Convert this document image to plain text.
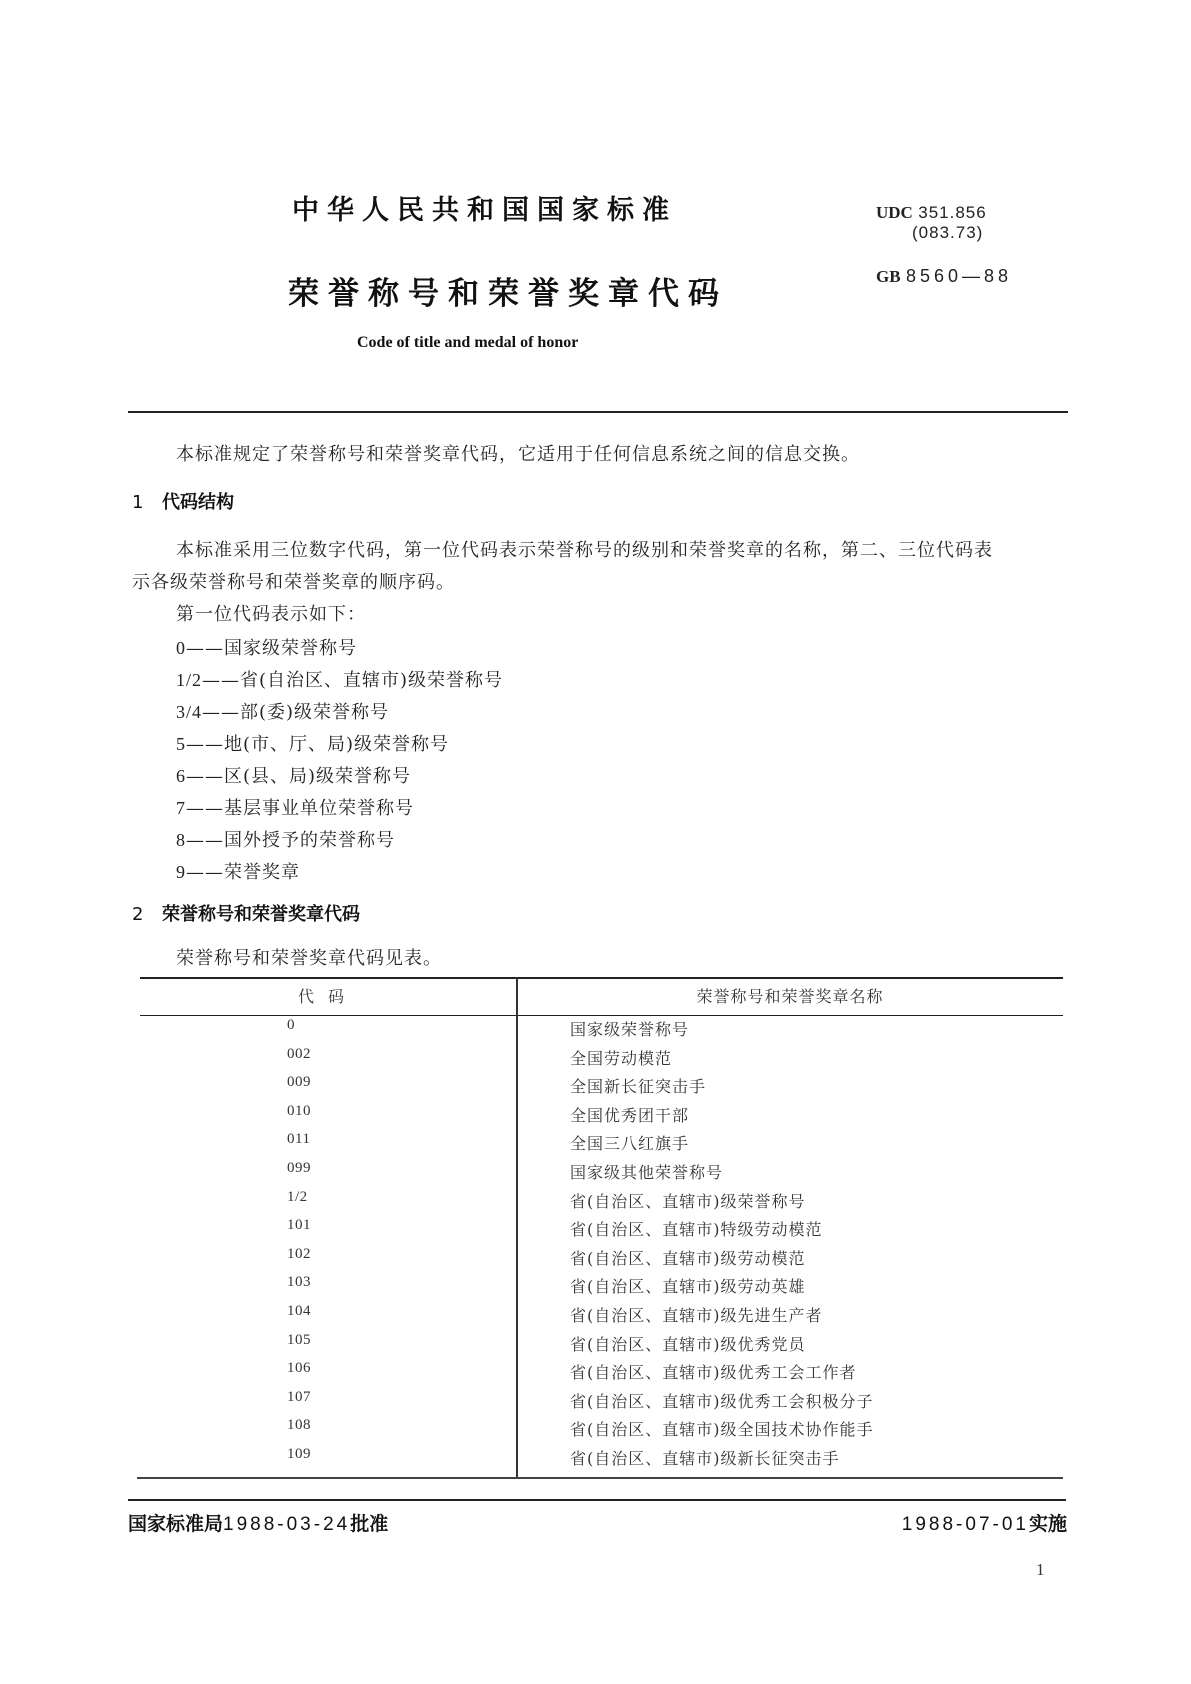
中华人民共和国国家标准
荣誉称号和荣誉奖章代码
Code of title and medal of honor
UDC 351.856
(083.73)
GB 8560—88
本标准规定了荣誉称号和荣誉奖章代码，它适用于任何信息系统之间的信息交换。
1 代码结构
本标准采用三位数字代码，第一位代码表示荣誉称号的级别和荣誉奖章的名称，第二、三位代码表
示各级荣誉称号和荣誉奖章的顺序码。
第一位代码表示如下：
0——国家级荣誉称号
1/2——省(自治区、直辖市)级荣誉称号
3/4——部(委)级荣誉称号
5——地(市、厅、局)级荣誉称号
6——区(县、局)级荣誉称号
7——基层事业单位荣誉称号
8——国外授予的荣誉称号
9——荣誉奖章
2 荣誉称号和荣誉奖章代码
荣誉称号和荣誉奖章代码见表。
代码	荣誉称号和荣誉奖章名称
0	国家级荣誉称号
002	全国劳动模范
009	全国新长征突击手
010	全国优秀团干部
011	全国三八红旗手
099	国家级其他荣誉称号
1/2	省(自治区、直辖市)级荣誉称号
101	省(自治区、直辖市)特级劳动模范
102	省(自治区、直辖市)级劳动模范
103	省(自治区、直辖市)级劳动英雄
104	省(自治区、直辖市)级先进生产者
105	省(自治区、直辖市)级优秀党员
106	省(自治区、直辖市)级优秀工会工作者
107	省(自治区、直辖市)级优秀工会积极分子
108	省(自治区、直辖市)级全国技术协作能手
109	省(自治区、直辖市)级新长征突击手
国家标准局1988-03-24批准	1988-07-01实施
1
